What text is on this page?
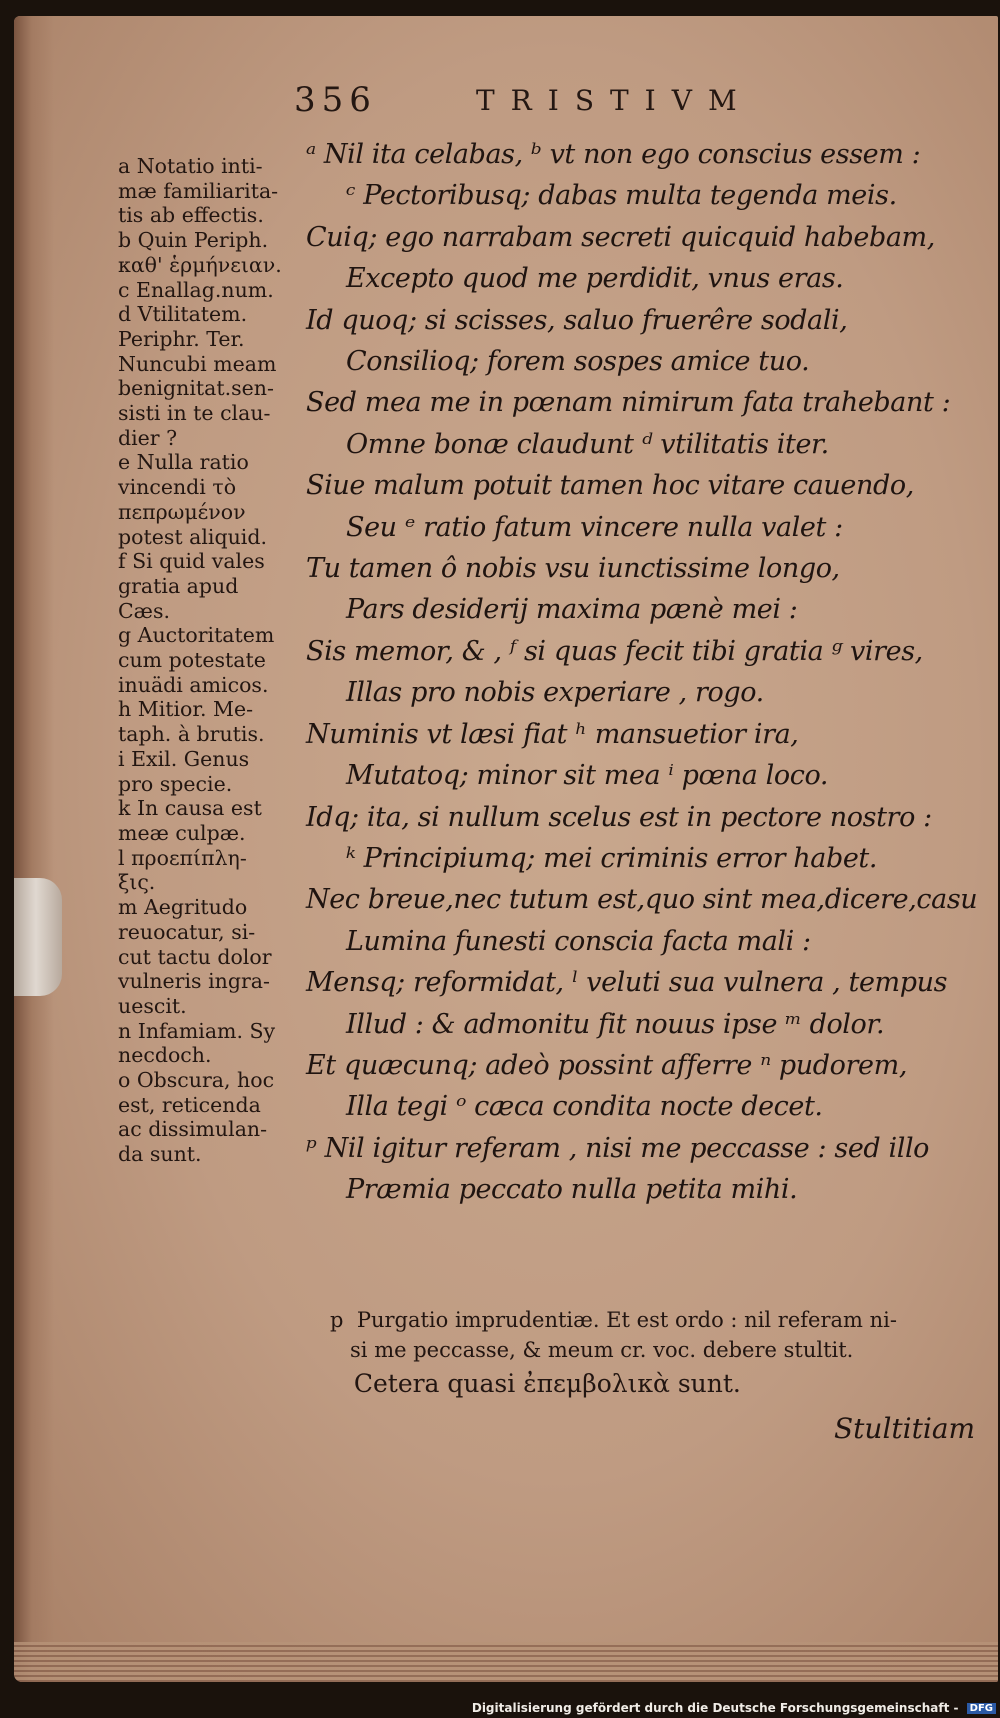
356	TRISTIVM
a Notatio inti-
mæ familiarita-
tis ab effectis.
b Quin Periph.
καθ' ἑρμήνειαν.
c Enallag.num.
d Vtilitatem.
Periphr. Ter.
Nuncubi meam
benignitat.sen-
sisti in te clau-
dier ?
e Nulla ratio
vincendi τὸ
πεπρωμένον
potest aliquid.
f Si quid vales
gratia apud
Cæs.
g Auctoritatem
cum potestate
inuädi amicos.
h Mitior. Me-
taph. à brutis.
i Exil. Genus
pro specie.
k In causa est
meæ culpæ.
l προεπίπλη-
ξις.
m Aegritudo
reuocatur, si-
cut tactu dolor
vulneris ingra-
uescit.
n Infamiam. Sy
necdoch.
o Obscura, hoc
est, reticenda
ac dissimulan-
da sunt.
ᵃ Nil ita celabas, ᵇ vt non ego conscius essem :
ᶜ Pectoribusq; dabas multa tegenda meis.
Cuiq; ego narrabam secreti quicquid habebam,
Excepto quod me perdidit, vnus eras.
Id quoq; si scisses, saluo fruerêre sodali,
Consilioq; forem sospes amice tuo.
Sed mea me in pœnam nimirum fata trahebant :
Omne bonæ claudunt ᵈ vtilitatis iter.
Siue malum potuit tamen hoc vitare cauendo,
Seu ᵉ ratio fatum vincere nulla valet :
Tu tamen ô nobis vsu iunctissime longo,
Pars desiderij maxima pænè mei :
Sis memor, & , ᶠ si quas fecit tibi gratia ᵍ vires,
Illas pro nobis experiare , rogo.
Numinis vt læsi fiat ʰ mansuetior ira,
Mutatoq; minor sit mea ⁱ pœna loco.
Idq; ita, si nullum scelus est in pectore nostro :
ᵏ Principiumq; mei criminis error habet.
Nec breue,nec tutum est,quo sint mea,dicere,casu
Lumina funesti conscia facta mali :
Mensq; reformidat, ˡ veluti sua vulnera , tempus
Illud : & admonitu fit nouus ipse ᵐ dolor.
Et quæcunq; adeò possint afferre ⁿ pudorem,
Illa tegi ᵒ cæca condita nocte decet.
ᵖ Nil igitur referam , nisi me peccasse : sed illo
Præmia peccato nulla petita mihi.
p Purgatio imprudentiæ. Et est ordo : nil referam ni-
si me peccasse, & meum cr. voc. debere stultit.
Cetera quasi ἐπεμβολικὰ sunt.
Stultitiam
Digitalisierung gefördert durch die Deutsche Forschungsgemeinschaft - DFG
